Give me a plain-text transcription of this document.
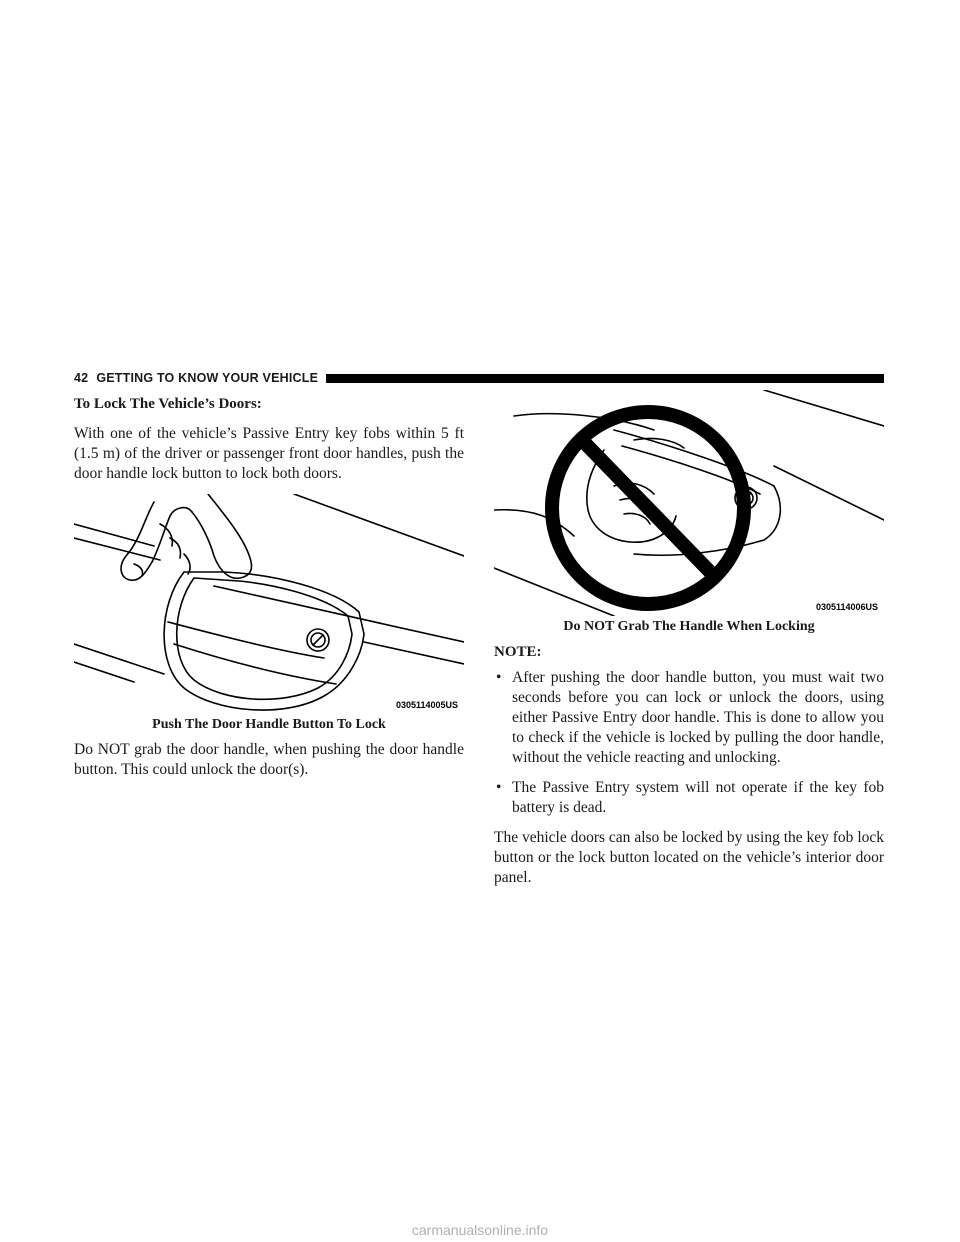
42 GETTING TO KNOW YOUR VEHICLE
To Lock The Vehicle’s Doors:
With one of the vehicle’s Passive Entry key fobs within 5 ft (1.5 m) of the driver or passenger front door handles, push the door handle lock button to lock both doors.
0305114005US
Push The Door Handle Button To Lock
Do NOT grab the door handle, when pushing the door handle button. This could unlock the door(s).
0305114006US
Do NOT Grab The Handle When Locking
NOTE:
• After pushing the door handle button, you must wait two seconds before you can lock or unlock the doors, using either Passive Entry door handle. This is done to allow you to check if the vehicle is locked by pulling the door handle, without the vehicle reacting and unlocking.
• The Passive Entry system will not operate if the key fob battery is dead.
The vehicle doors can also be locked by using the key fob lock button or the lock button located on the vehicle’s interior door panel.
carmanualsonline.info
